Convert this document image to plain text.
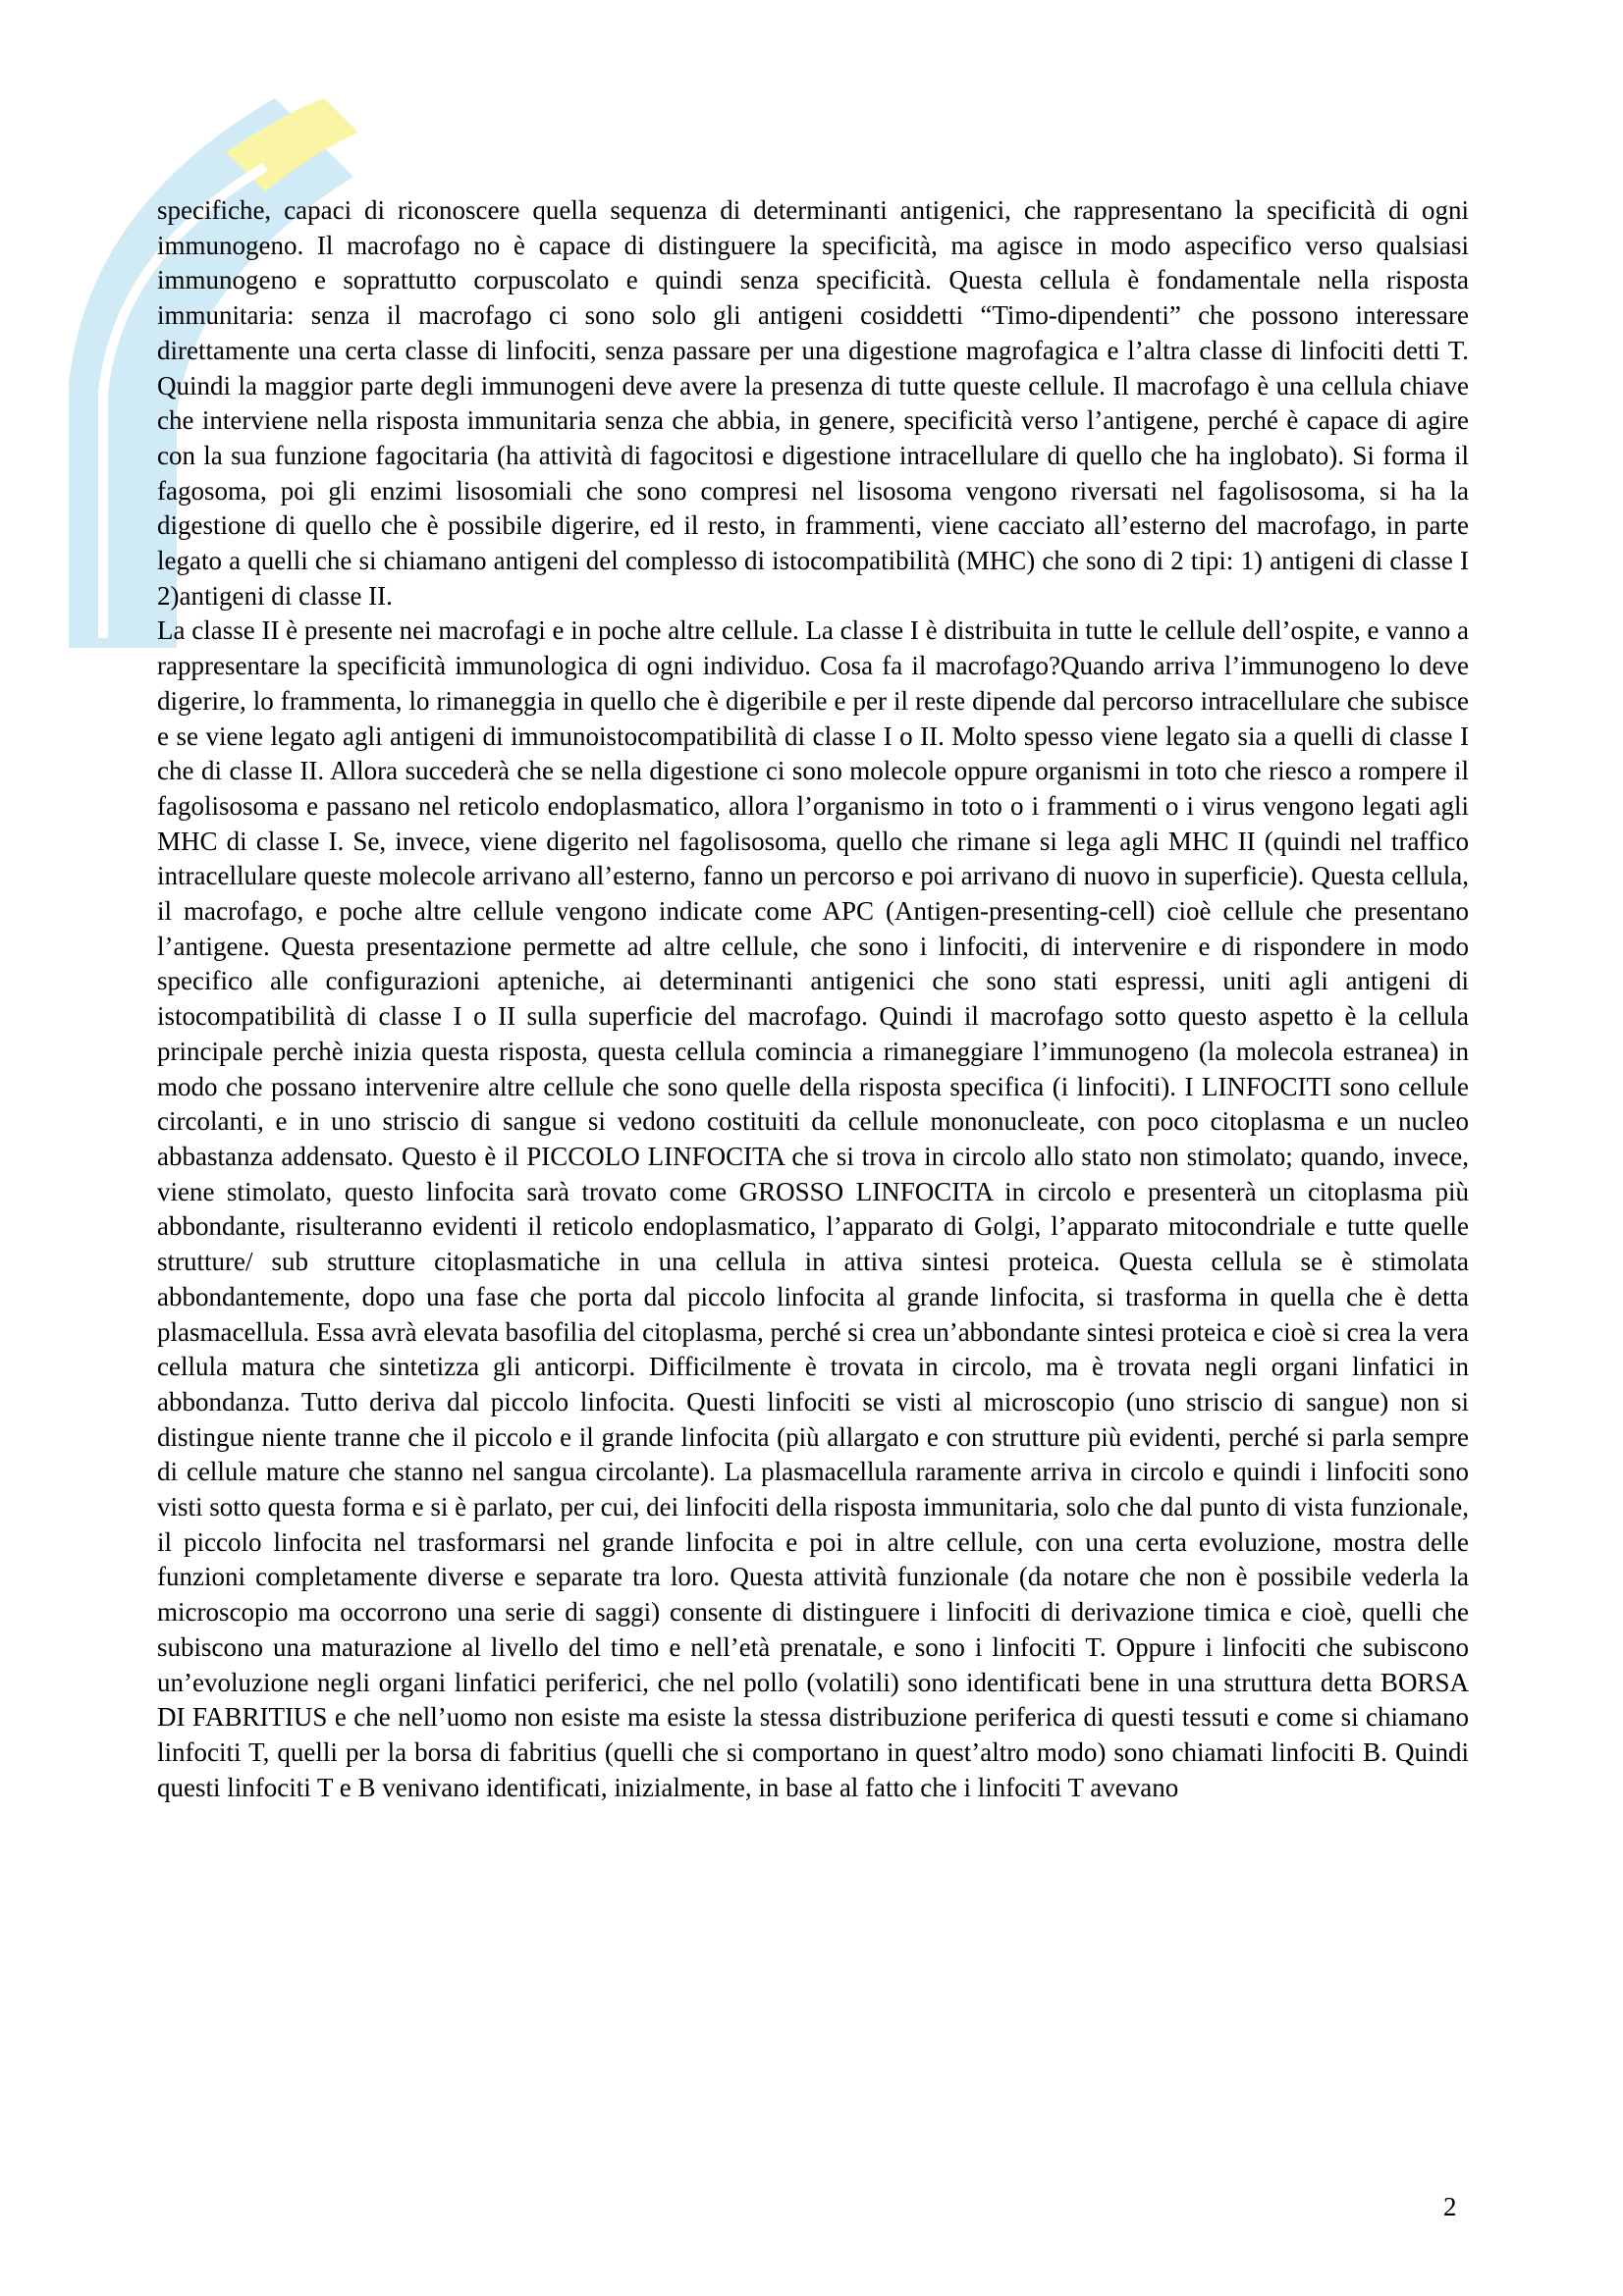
specifiche, capaci di riconoscere quella sequenza di determinanti antigenici, che rappresentano la specificità di ogni immunogeno. Il macrofago no è capace di distinguere la specificità, ma agisce in modo aspecifico verso qualsiasi immunogeno e soprattutto corpuscolato e quindi senza specificità. Questa cellula è fondamentale nella risposta immunitaria: senza il macrofago ci sono solo gli antigeni cosiddetti “Timo-dipendenti” che possono interessare direttamente una certa classe di linfociti, senza passare per una digestione magrofagica e l’altra classe di linfociti detti T. Quindi la maggior parte degli immunogeni deve avere la presenza di tutte queste cellule. Il macrofago è una cellula chiave che interviene nella risposta immunitaria senza che abbia, in genere, specificità verso l’antigene, perché è capace di agire con la sua funzione fagocitaria (ha attività di fagocitosi e digestione intracellulare di quello che ha inglobato). Si forma il fagosoma, poi gli enzimi lisosomiali che sono compresi nel lisosoma vengono riversati nel fagolisosoma, si ha la digestione di quello che è possibile digerire, ed il resto, in frammenti, viene cacciato all’esterno del macrofago, in parte legato a quelli che si chiamano antigeni del complesso di istocompatibilità (MHC) che sono di 2 tipi: 1) antigeni di classe I 2)antigeni di classe II.

La classe II è presente nei macrofagi e in poche altre cellule. La classe I è distribuita in tutte le cellule dell’ospite, e vanno a rappresentare la specificità immunologica di ogni individuo. Cosa fa il macrofago?Quando arriva l’immunogeno lo deve digerire, lo frammenta, lo rimaneggia in quello che è digeribile e per il reste dipende dal percorso intracellulare che subisce e se viene legato agli antigeni di immunoistocompatibilità di classe I o II. Molto spesso viene legato sia a quelli di classe I che di classe II. Allora succederà che se nella digestione ci sono molecole oppure organismi in toto che riesco a rompere il fagolisosoma e passano nel reticolo endoplasmatico, allora l’organismo in toto o i frammenti o i virus vengono legati agli MHC di classe I. Se, invece, viene digerito nel fagolisosoma, quello che rimane si lega agli MHC II (quindi nel traffico intracellulare queste molecole arrivano all’esterno, fanno un percorso e poi arrivano di nuovo in superficie). Questa cellula, il macrofago, e poche altre cellule vengono indicate come APC (Antigen-presenting-cell) cioè cellule che presentano l’antigene. Questa presentazione permette ad altre cellule, che sono i linfociti, di intervenire e di rispondere in modo specifico alle configurazioni apteniche, ai determinanti antigenici che sono stati espressi, uniti agli antigeni di istocompatibilità di classe I o II sulla superficie del macrofago. Quindi il macrofago sotto questo aspetto è la cellula principale perchè inizia questa risposta, questa cellula comincia a rimaneggiare l’immunogeno (la molecola estranea) in modo che possano intervenire altre cellule che sono quelle della risposta specifica (i linfociti). I LINFOCITI sono cellule circolanti, e in uno striscio di sangue si vedono costituiti da cellule mononucleate, con poco citoplasma e un nucleo abbastanza addensato. Questo è il PICCOLO LINFOCITA che si trova in circolo allo stato non stimolato; quando, invece, viene stimolato, questo linfocita sarà trovato come GROSSO LINFOCITA in circolo e presenterà un citoplasma più abbondante, risulteranno evidenti il reticolo endoplasmatico, l’apparato di Golgi, l’apparato mitocondriale e tutte quelle strutture/ sub strutture citoplasmatiche in una cellula in attiva sintesi proteica. Questa cellula se è stimolata abbondantemente, dopo una fase che porta dal piccolo linfocita al grande linfocita, si trasforma in quella che è detta plasmacellula. Essa avrà elevata basofilia del citoplasma, perché si crea un’abbondante sintesi proteica e cioè si crea la vera cellula matura che sintetizza gli anticorpi. Difficilmente è trovata in circolo, ma è trovata negli organi linfatici in abbondanza. Tutto deriva dal piccolo linfocita. Questi linfociti se visti al microscopio (uno striscio di sangue) non si distingue niente tranne che il piccolo e il grande linfocita (più allargato e con strutture più evidenti, perché si parla sempre di cellule mature che stanno nel sangua circolante). La plasmacellula raramente arriva in circolo e quindi i linfociti sono visti sotto questa forma e si è parlato, per cui, dei linfociti della risposta immunitaria, solo che dal punto di vista funzionale, il piccolo linfocita nel trasformarsi nel grande linfocita e poi in altre cellule, con una certa evoluzione, mostra delle funzioni completamente diverse e separate tra loro. Questa attività funzionale (da notare che non è possibile vederla la microscopio ma occorrono una serie di saggi) consente di distinguere i linfociti di derivazione timica e cioè, quelli che subiscono una maturazione al livello del timo e nell’età prenatale, e sono i linfociti T. Oppure i linfociti che subiscono un’evoluzione negli organi linfatici periferici, che nel pollo (volatili) sono identificati bene in una struttura detta BORSA DI FABRITIUS e che nell’uomo non esiste ma esiste la stessa distribuzione periferica di questi tessuti e come si chiamano linfociti T, quelli per la borsa di fabritius (quelli che si comportano in quest’altro modo) sono chiamati linfociti B. Quindi questi linfociti T e B venivano identificati, inizialmente, in base al fatto che i linfociti T avevano

2
